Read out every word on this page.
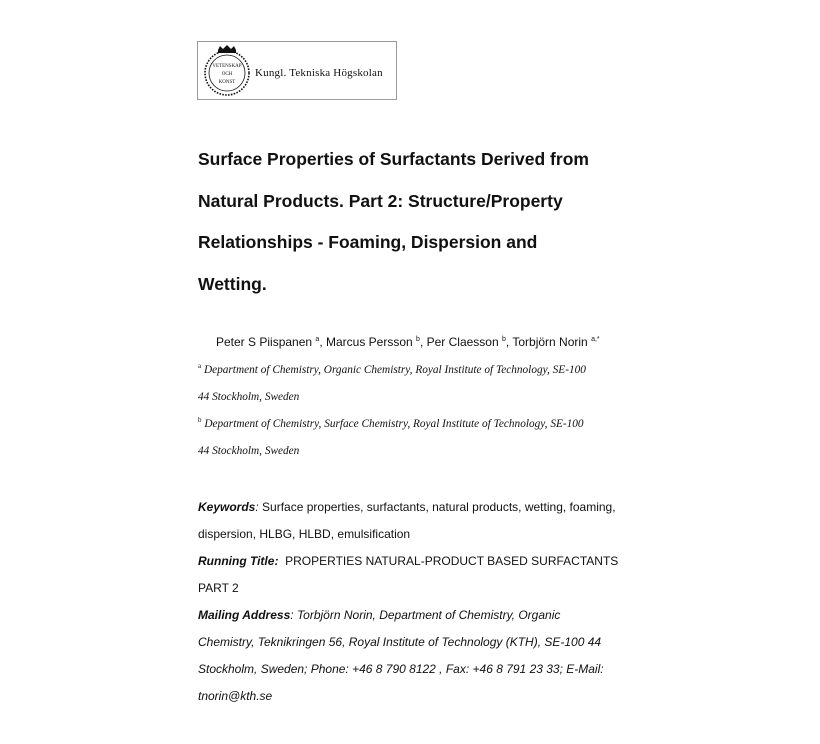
VETENSKAP
OCH
KONST
Kungl. Tekniska Högskolan
Surface Properties of Surfactants Derived from
Natural Products. Part 2: Structure/Property
Relationships - Foaming, Dispersion and
Wetting.
Peter S Piispanen $^a$, Marcus Persson $^b$, Per Claesson $^b$, Torbjörn Norin $^{a,*}$
$^a$ Department of Chemistry, Organic Chemistry, Royal Institute of Technology, SE-100
44 Stockholm, Sweden
$^b$ Department of Chemistry, Surface Chemistry, Royal Institute of Technology, SE-100
44 Stockholm, Sweden
Keywords: Surface properties, surfactants, natural products, wetting, foaming,
dispersion, HLBG, HLBD, emulsification
Running Title: PROPERTIES NATURAL-PRODUCT BASED SURFACTANTS
PART 2
Mailing Address: Torbjörn Norin, Department of Chemistry, Organic
Chemistry, Teknikringen 56, Royal Institute of Technology (KTH), SE-100 44
Stockholm, Sweden; Phone: +46 8 790 8122 , Fax: +46 8 791 23 33; E-Mail:
tnorin@kth.se
